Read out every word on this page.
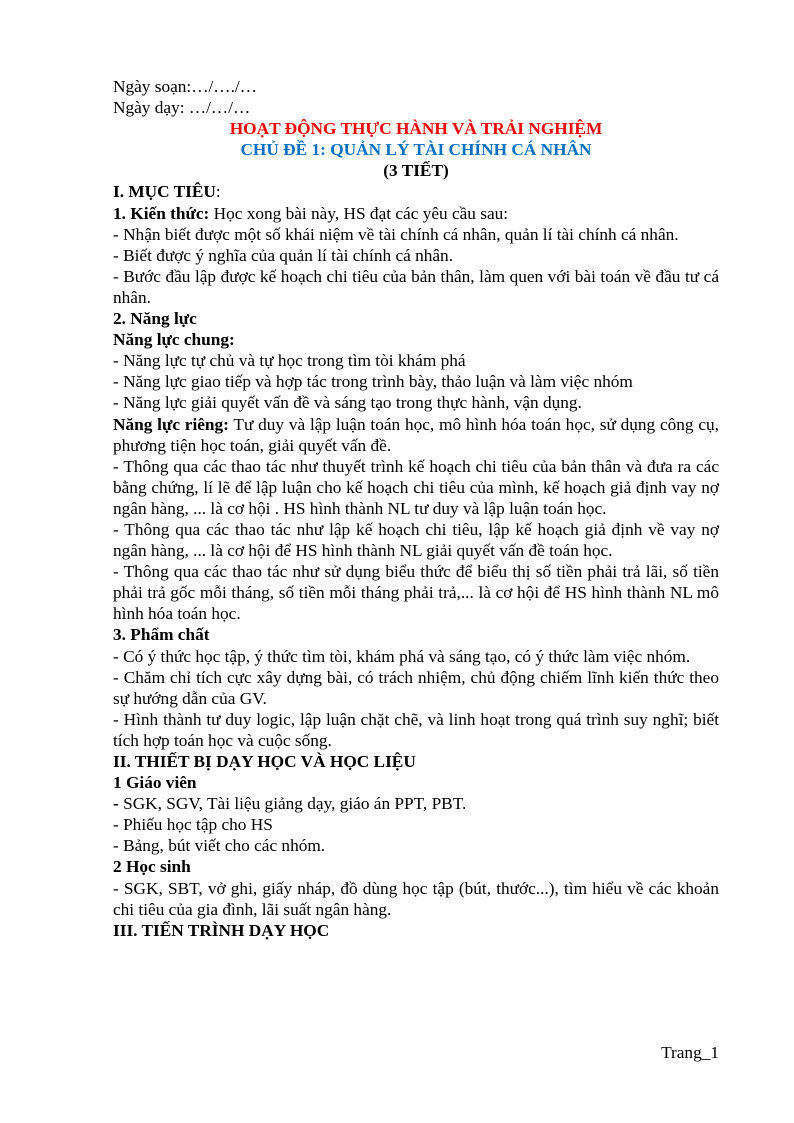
Ngày soạn:…/…./…

Ngày dạy: …/…/…

HOẠT ĐỘNG THỰC HÀNH VÀ TRẢI NGHIỆM

CHỦ ĐỀ 1: QUẢN LÝ TÀI CHÍNH CÁ NHÂN

(3 TIẾT)

I. MỤC TIÊU:

1. Kiến thức: Học xong bài này, HS đạt các yêu cầu sau:

- Nhận biết được một số khái niệm về tài chính cá nhân, quản lí tài chính cá nhân.

- Biết được ý nghĩa của quản lí tài chính cá nhân.

- Bước đầu lập được kế hoạch chi tiêu của bản thân, làm quen với bài toán về đầu tư cá nhân.

2. Năng lực

Năng lực chung:

- Năng lực tự chủ và tự học trong tìm tòi khám phá

- Năng lực giao tiếp và hợp tác trong trình bày, thảo luận và làm việc nhóm

- Năng lực giải quyết vấn đề và sáng tạo trong thực hành, vận dụng.

Năng lực riêng: Tư duy và lập luận toán học, mô hình hóa toán học, sử dụng công cụ, phương tiện học toán, giải quyết vấn đề.

- Thông qua các thao tác như thuyết trình kế hoạch chi tiêu của bản thân và đưa ra các bằng chứng, lí lẽ để lập luận cho kế hoạch chi tiêu của mình, kế hoạch giả định vay nợ ngân hàng, ... là cơ hội . HS hình thành NL tư duy và lập luận toán học.

- Thông qua các thao tác như lập kế hoạch chi tiêu, lập kế hoạch giả định về vay nợ ngân hàng, ... là cơ hội để HS hình thành NL giải quyết vấn đề toán học.

- Thông qua các thao tác như sử dụng biểu thức để biểu thị số tiền phải trả lãi, số tiền phải trả gốc mỗi tháng, số tiền mỗi tháng phải trả,... là cơ hội để HS hình thành NL mô hình hóa toán học.

3. Phẩm chất

- Có ý thức học tập, ý thức tìm tòi, khám phá và sáng tạo, có ý thức làm việc nhóm.

- Chăm chỉ tích cực xây dựng bài, có trách nhiệm, chủ động chiếm lĩnh kiến thức theo sự hướng dẫn của GV.

- Hình thành tư duy logic, lập luận chặt chẽ, và linh hoạt trong quá trình suy nghĩ; biết tích hợp toán học và cuộc sống.

II. THIẾT BỊ DẠY HỌC VÀ HỌC LIỆU

1 Giáo viên

- SGK, SGV, Tài liệu giảng dạy, giáo án PPT, PBT.

- Phiếu học tập cho HS

- Bảng, bút viết cho các nhóm.

2 Học sinh

- SGK, SBT, vở ghi, giấy nháp, đồ dùng học tập (bút, thước...), tìm hiểu về các khoản chi tiêu của gia đình, lãi suất ngân hàng.

III. TIẾN TRÌNH DẠY HỌC

Trang_1
